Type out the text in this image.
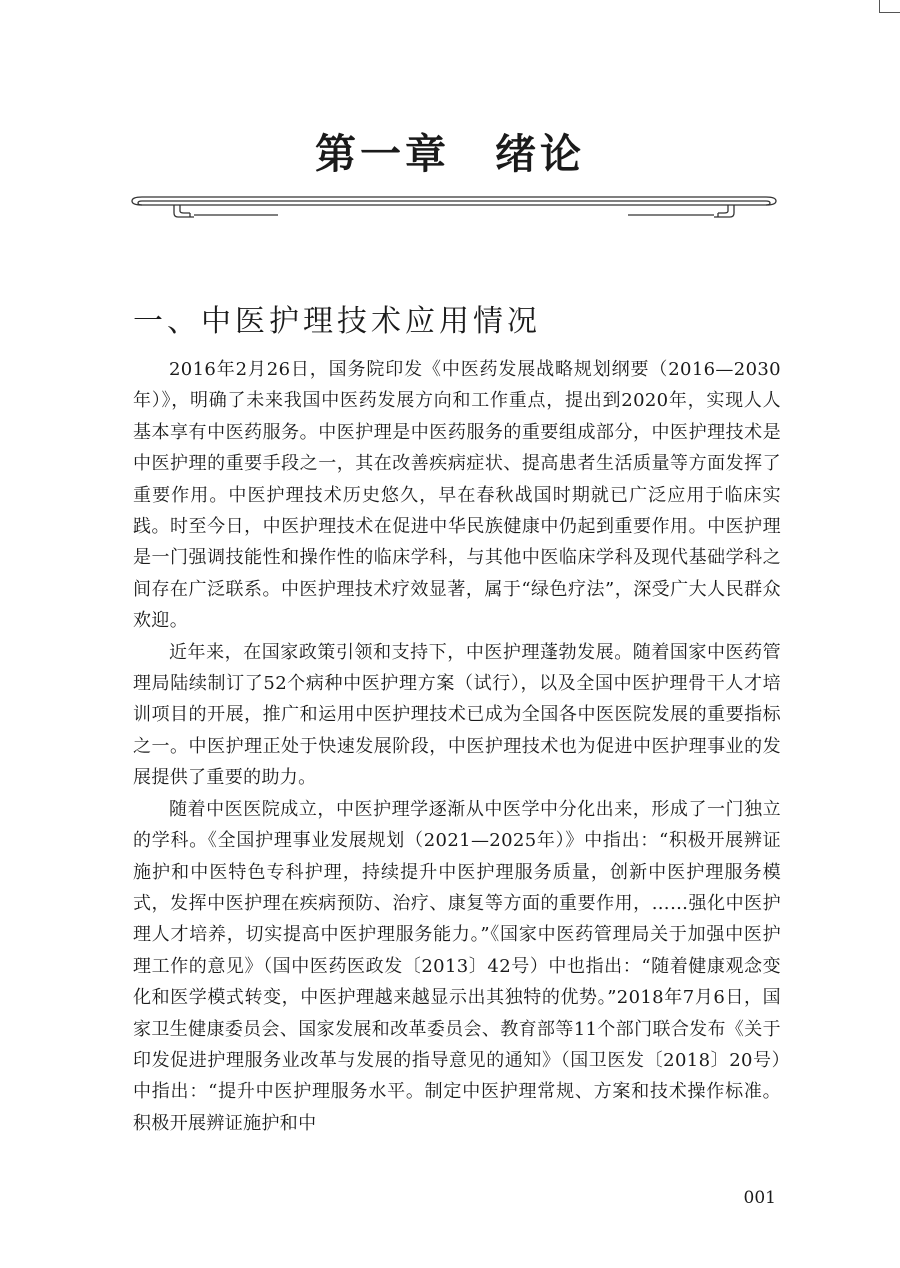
第一章　绪论
一、中医护理技术应用情况

2016年2月26日，国务院印发《中医药发展战略规划纲要（2016—2030年）》，明确了未来我国中医药发展方向和工作重点，提出到2020年，实现人人基本享有中医药服务。中医护理是中医药服务的重要组成部分，中医护理技术是中医护理的重要手段之一，其在改善疾病症状、提高患者生活质量等方面发挥了重要作用。中医护理技术历史悠久，早在春秋战国时期就已广泛应用于临床实践。时至今日，中医护理技术在促进中华民族健康中仍起到重要作用。中医护理是一门强调技能性和操作性的临床学科，与其他中医临床学科及现代基础学科之间存在广泛联系。中医护理技术疗效显著，属于“绿色疗法”，深受广大人民群众欢迎。

近年来，在国家政策引领和支持下，中医护理蓬勃发展。随着国家中医药管理局陆续制订了52个病种中医护理方案（试行），以及全国中医护理骨干人才培训项目的开展，推广和运用中医护理技术已成为全国各中医医院发展的重要指标之一。中医护理正处于快速发展阶段，中医护理技术也为促进中医护理事业的发展提供了重要的助力。

随着中医医院成立，中医护理学逐渐从中医学中分化出来，形成了一门独立的学科。《全国护理事业发展规划（2021—2025年）》中指出：“积极开展辨证施护和中医特色专科护理，持续提升中医护理服务质量，创新中医护理服务模式，发挥中医护理在疾病预防、治疗、康复等方面的重要作用，……强化中医护理人才培养，切实提高中医护理服务能力。”《国家中医药管理局关于加强中医护理工作的意见》（国中医药医政发〔2013〕42号）中也指出：“随着健康观念变化和医学模式转变，中医护理越来越显示出其独特的优势。”2018年7月6日，国家卫生健康委员会、国家发展和改革委员会、教育部等11个部门联合发布《关于印发促进护理服务业改革与发展的指导意见的通知》（国卫医发〔2018〕20号）中指出：“提升中医护理服务水平。制定中医护理常规、方案和技术操作标准。积极开展辨证施护和中

001
